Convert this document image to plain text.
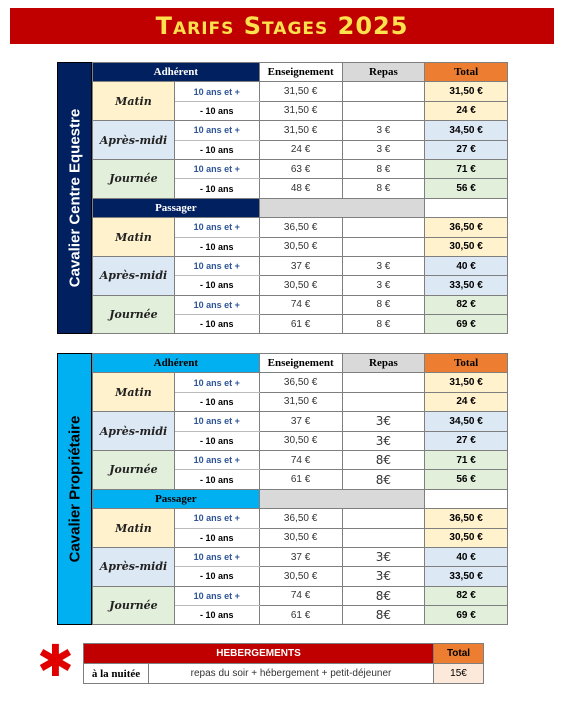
Tarifs Stages 2025
Cavalier Centre Equestre
Adhérent		Enseignement	Repas	Total
Matin	10 ans et +	31,50 €		31,50 €
	- 10 ans	31,50 €		24 €
Après-midi	10 ans et +	31,50 €	3 €	34,50 €
	- 10 ans	24 €	3 €	27 €
Journée	10 ans et +	63 €	8 €	71 €
	- 10 ans	48 €	8 €	56 €
Passager				
Matin	10 ans et +	36,50 €		36,50 €
	- 10 ans	30,50 €		30,50 €
Après-midi	10 ans et +	37 €	3 €	40 €
	- 10 ans	30,50 €	3 €	33,50 €
Journée	10 ans et +	74 €	8 €	82 €
	- 10 ans	61 €	8 €	69 €
Cavalier Propriétaire
Adhérent		Enseignement	Repas	Total
Matin	10 ans et +	36,50 €		31,50 €
	- 10 ans	31,50 €		24 €
Après-midi	10 ans et +	37 €	3€	34,50 €
	- 10 ans	30,50 €	3€	27 €
Journée	10 ans et +	74 €	8€	71 €
	- 10 ans	61 €	8€	56 €
Passager				
Matin	10 ans et +	36,50 €		36,50 €
	- 10 ans	30,50 €		30,50 €
Après-midi	10 ans et +	37 €	3€	40 €
	- 10 ans	30,50 €	3€	33,50 €
Journée	10 ans et +	74 €	8€	82 €
	- 10 ans	61 €	8€	69 €
✱	HEBERGEMENTS		Total
à la nuitée	repas du soir + hébergement + petit-déjeuner	15€
